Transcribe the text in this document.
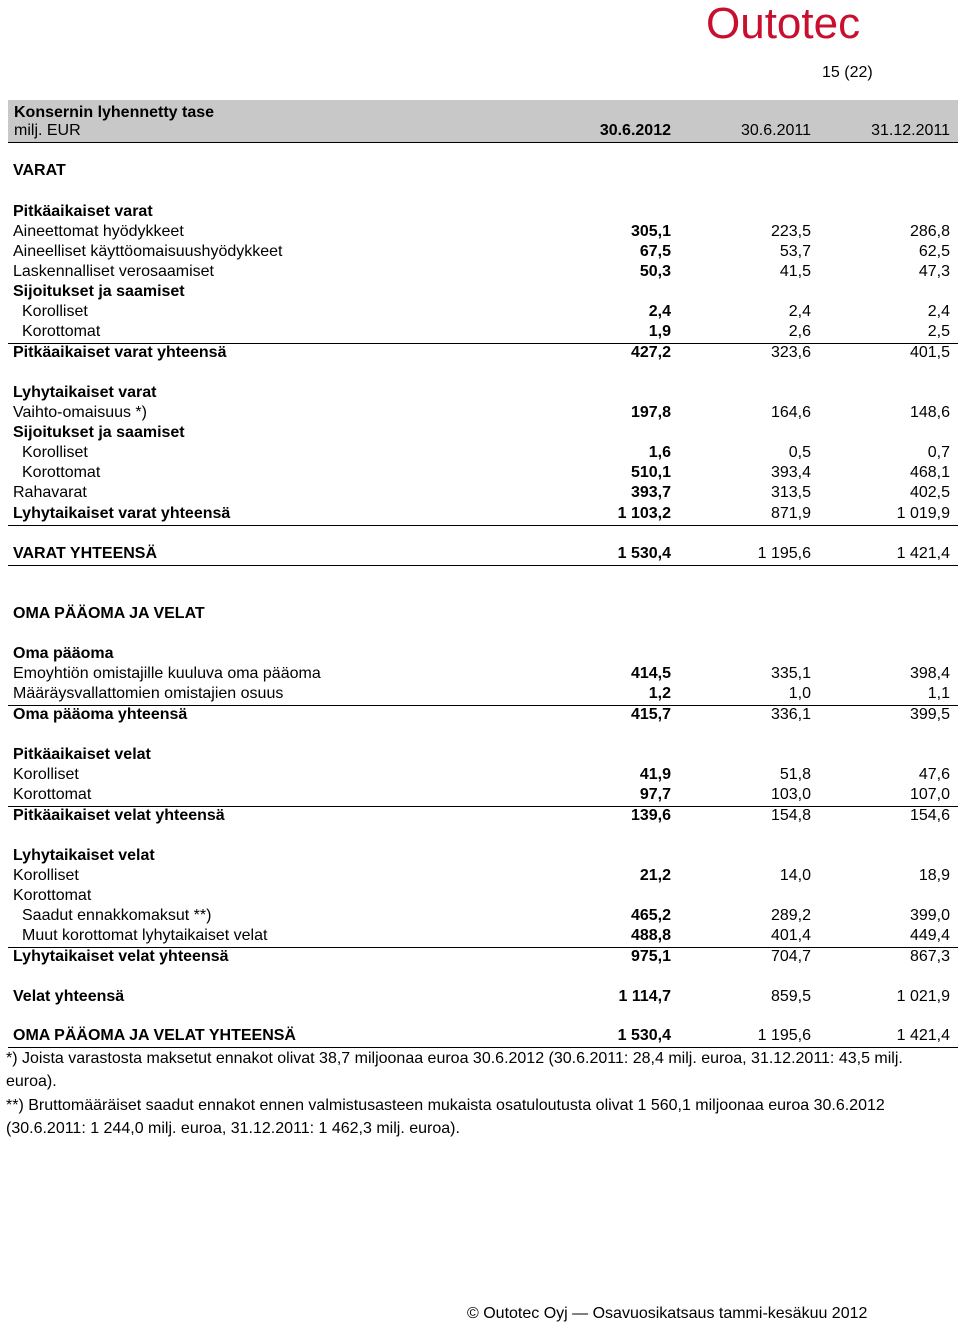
Outotec
15 (22)
Konsernin lyhennetty tase
milj. EUR	30.6.2012	30.6.2011	31.12.2011
VARAT
Pitkäaikaiset varat
Aineettomat hyödykkeet	305,1	223,5	286,8
Aineelliset käyttöomaisuushyödykkeet	67,5	53,7	62,5
Laskennalliset verosaamiset	50,3	41,5	47,3
Sijoitukset ja saamiset
Korolliset	2,4	2,4	2,4
Korottomat	1,9	2,6	2,5
Pitkäaikaiset varat yhteensä	427,2	323,6	401,5
Lyhytaikaiset varat
Vaihto-omaisuus *)	197,8	164,6	148,6
Sijoitukset ja saamiset
Korolliset	1,6	0,5	0,7
Korottomat	510,1	393,4	468,1
Rahavarat	393,7	313,5	402,5
Lyhytaikaiset varat yhteensä	1 103,2	871,9	1 019,9
VARAT YHTEENSÄ	1 530,4	1 195,6	1 421,4
OMA PÄÄOMA JA VELAT
Oma pääoma
Emoyhtiön omistajille kuuluva oma pääoma	414,5	335,1	398,4
Määräysvallattomien omistajien osuus	1,2	1,0	1,1
Oma pääoma yhteensä	415,7	336,1	399,5
Pitkäaikaiset velat
Korolliset	41,9	51,8	47,6
Korottomat	97,7	103,0	107,0
Pitkäaikaiset velat yhteensä	139,6	154,8	154,6
Lyhytaikaiset velat
Korolliset	21,2	14,0	18,9
Korottomat
Saadut ennakkomaksut **)	465,2	289,2	399,0
Muut korottomat lyhytaikaiset velat	488,8	401,4	449,4
Lyhytaikaiset velat yhteensä	975,1	704,7	867,3
Velat yhteensä	1 114,7	859,5	1 021,9
OMA PÄÄOMA JA VELAT YHTEENSÄ	1 530,4	1 195,6	1 421,4
*) Joista varastosta maksetut ennakot olivat 38,7 miljoonaa euroa 30.6.2012 (30.6.2011: 28,4 milj. euroa, 31.12.2011: 43,5 milj. euroa).
**) Bruttomääräiset saadut ennakot ennen valmistusasteen mukaista osatuloutusta olivat 1 560,1 miljoonaa euroa 30.6.2012 (30.6.2011: 1 244,0 milj. euroa, 31.12.2011: 1 462,3 milj. euroa).
© Outotec Oyj — Osavuosikatsaus tammi-kesäkuu 2012
